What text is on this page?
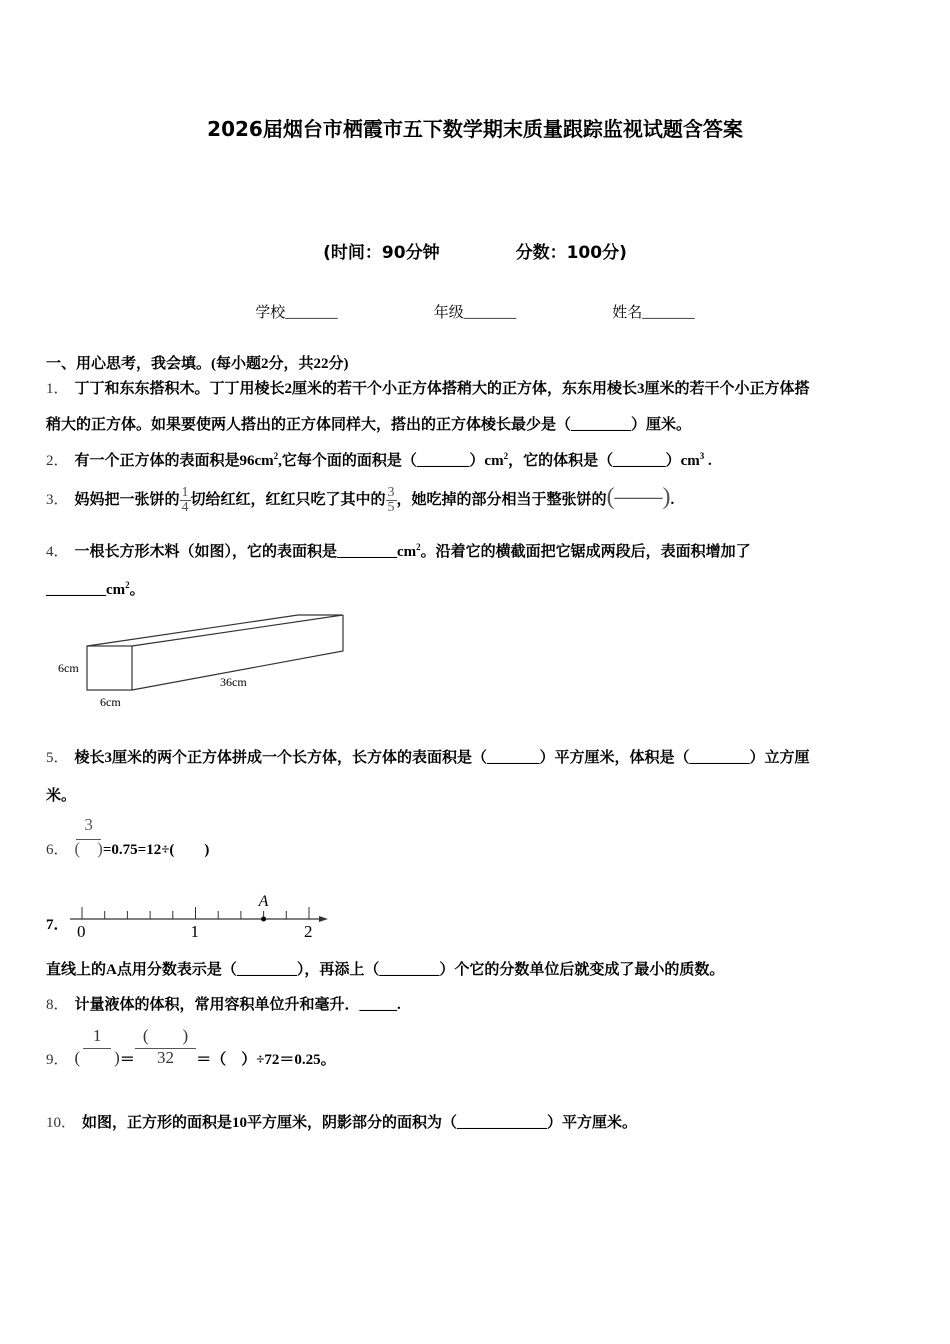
2026届烟台市栖霞市五下数学期末质量跟踪监视试题含答案
(时间：90分钟	分数：100分)
学校_______	年级_______	姓名_______
一、用心思考，我会填。(每小题2分，共22分)
1． 丁丁和东东搭积木。丁丁用棱长2厘米的若干个小正方体搭稍大的正方体，东东用棱长3厘米的若干个小正方体搭
稍大的正方体。如果要使两人搭出的正方体同样大，搭出的正方体棱长最少是（________）厘米。
2． 有一个正方体的表面积是$96cm^2$,它每个面的面积是$(\_\_\_\_\_\_\_)cm^2$，它的体积是$(\_\_\_\_\_\_\_)cm^3$ .
3． 妈妈把一张饼的 $\frac{1}{4}$ 切给红红，红红只吃了其中的 $\frac{3}{5}$ ，她吃掉的部分相当于整张饼的(——).
4． 一根长方形木料（如图），它的表面积是$\_\_\_\_\_\_\_\_cm^2$。沿着它的横截面把它锯成两段后，表面积增加了
$\_\_\_\_\_\_\_\_cm^2$。
6cm
6cm
36cm
5． 棱长3厘米的两个正方体拼成一个长方体，长方体的表面积是（_______）平方厘米，体积是（________）立方厘
米。
6． $\frac{3}{( )} =0.75=12\div$(　　)
7． 0	1	2
A
直线上的A点用分数表示是（________），再添上（________）个它的分数单位后就变成了最小的质数。
8． 计量液体的体积，常用容积单位升和毫升．_____.
9． $\frac{1}{( )} = \frac{( )}{32}$ ＝（　）÷72＝0.25。
10． 如图，正方形的面积是10平方厘米，阴影部分的面积为（____________）平方厘米。
